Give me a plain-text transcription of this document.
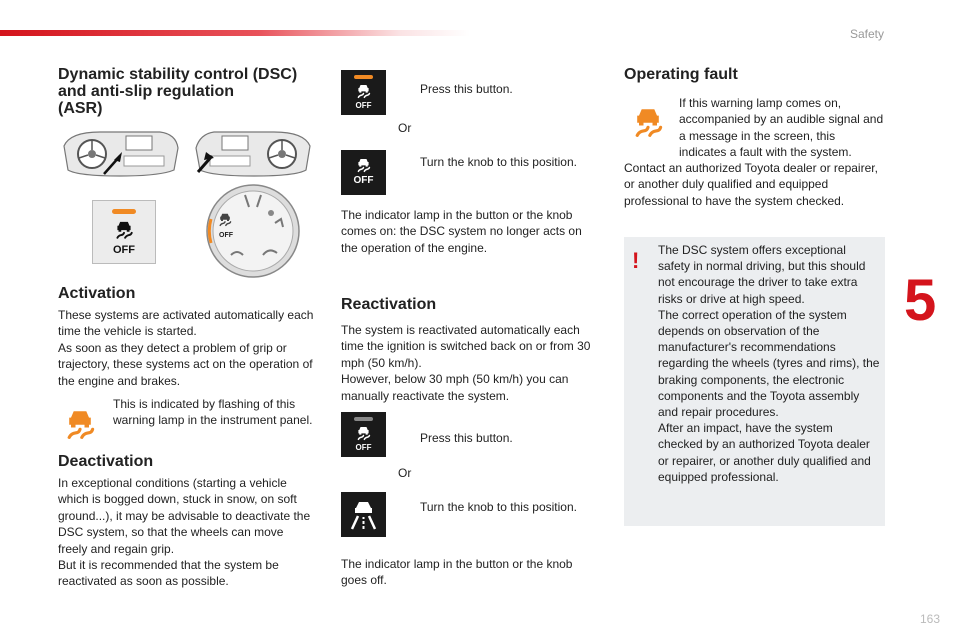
Safety
5
163
Dynamic stability control (DSC)
and anti-slip regulation
(ASR)
OFF
OFF
Activation

These systems are activated automatically each time the vehicle is started.

As soon as they detect a problem of grip or trajectory, these systems act on the operation of the engine and brakes.

This is indicated by flashing of this warning lamp in the instrument panel.
Deactivation

In exceptional conditions (starting a vehicle which is bogged down, stuck in snow, on soft ground...), it may be advisable to deactivate the DSC system, so that the wheels can move freely and regain grip.

But it is recommended that the system be reactivated as soon as possible.

OFF
Press this button.
Or
OFF
Turn the knob to this position.
The indicator lamp in the button or the knob comes on: the DSC system no longer acts on the operation of the engine.
Reactivation

The system is reactivated automatically each time the ignition is switched back on or from 30 mph (50 km/h).

However, below 30 mph (50 km/h) you can manually reactivate the system.

OFF
Press this button.
Or
Turn the knob to this position.
The indicator lamp in the button or the knob goes off.
Operating fault
If this warning lamp comes on, accompanied by an audible signal and a message in the screen, this indicates a fault with the system.
Contact an authorized Toyota dealer or repairer, or another duly qualified and equipped professional to have the system checked.
! The DSC system offers exceptional safety in normal driving, but this should not encourage the driver to take extra risks or drive at high speed.

The correct operation of the system depends on observation of the manufacturer's recommendations regarding the wheels (tyres and rims), the braking components, the electronic components and the Toyota assembly and repair procedures.

After an impact, have the system checked by an authorized Toyota dealer or repairer, or another duly qualified and equipped professional.
